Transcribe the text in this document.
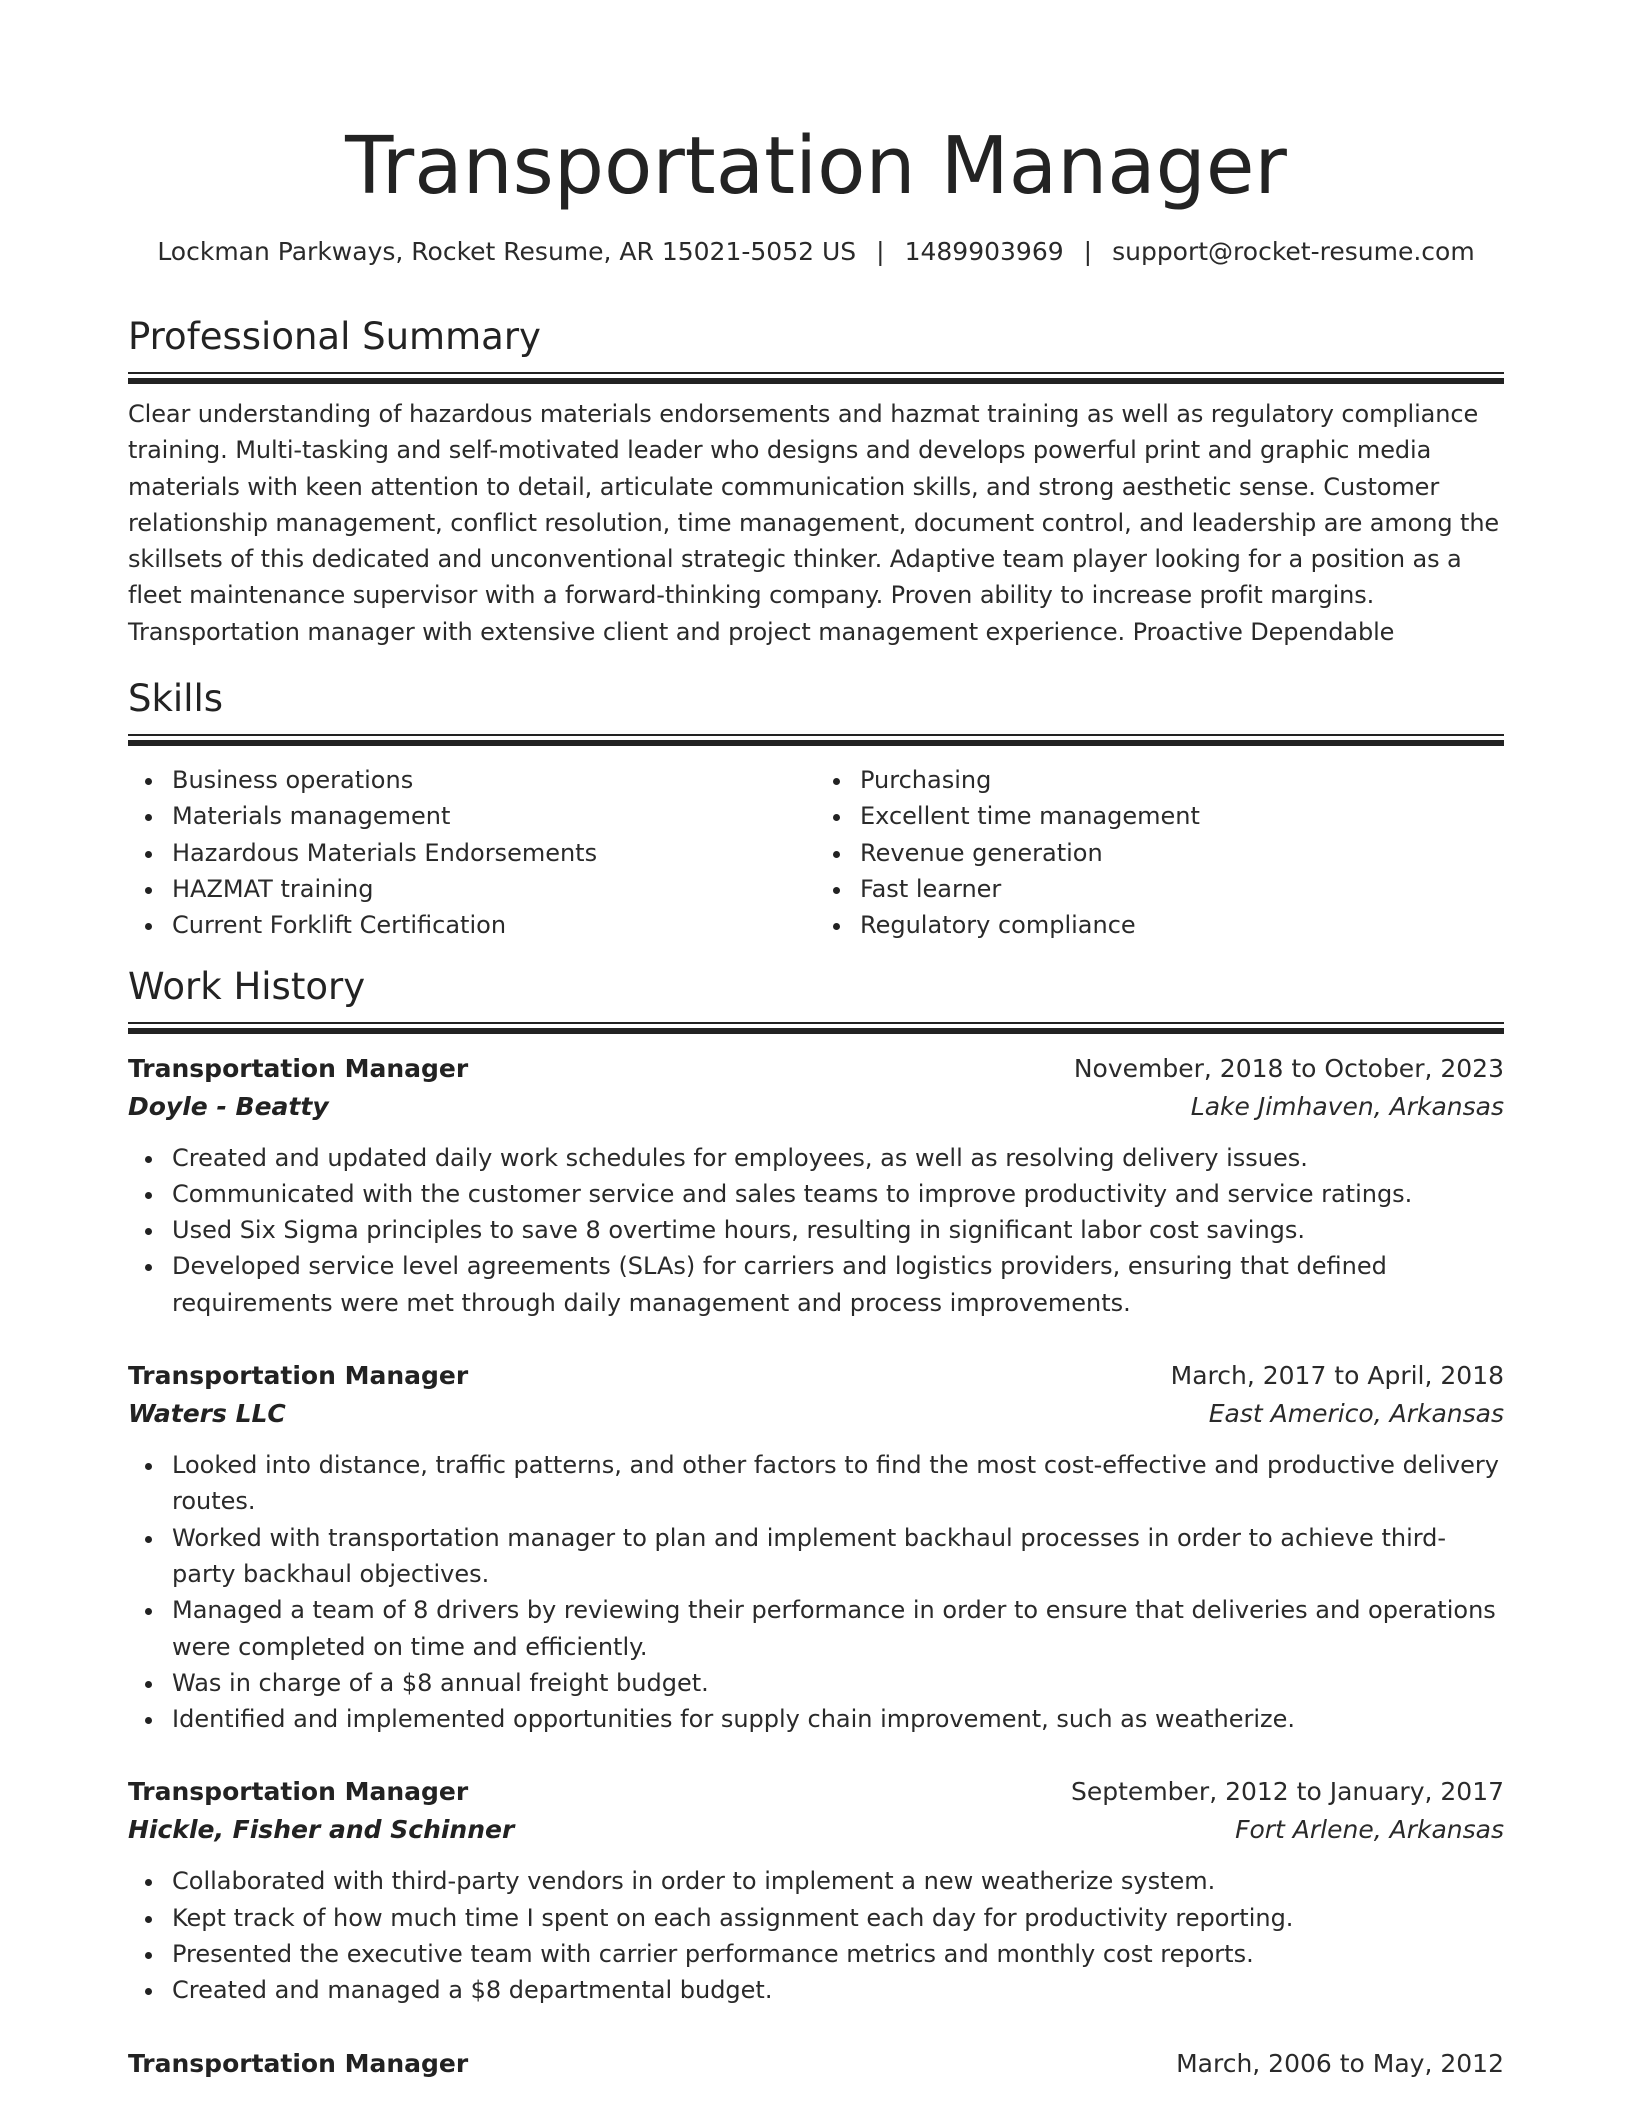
Transportation Manager
Lockman Parkways, Rocket Resume, AR 15021-5052 US | 1489903969 | support@rocket-resume.com
Professional Summary

Clear understanding of hazardous materials endorsements and hazmat training as well as regulatory compliance training. Multi-tasking and self-motivated leader who designs and develops powerful print and graphic media materials with keen attention to detail, articulate communication skills, and strong aesthetic sense. Customer relationship management, conflict resolution, time management, document control, and leadership are among the skillsets of this dedicated and unconventional strategic thinker. Adaptive team player looking for a position as a fleet maintenance supervisor with a forward-thinking company. Proven ability to increase profit margins. Transportation manager with extensive client and project management experience. Proactive Dependable

Skills
Business operations
Materials management
Hazardous Materials Endorsements
HAZMAT training
Current Forklift Certification
Purchasing
Excellent time management
Revenue generation
Fast learner
Regulatory compliance
Work History
Transportation Manager	November, 2018 to October, 2023
Doyle - Beatty	Lake Jimhaven, Arkansas
Created and updated daily work schedules for employees, as well as resolving delivery issues.
Communicated with the customer service and sales teams to improve productivity and service ratings.
Used Six Sigma principles to save 8 overtime hours, resulting in significant labor cost savings.
Developed service level agreements (SLAs) for carriers and logistics providers, ensuring that defined requirements were met through daily management and process improvements.
Transportation Manager	March, 2017 to April, 2018
Waters LLC	East Americo, Arkansas
Looked into distance, traffic patterns, and other factors to find the most cost-effective and productive delivery routes.
Worked with transportation manager to plan and implement backhaul processes in order to achieve third-party backhaul objectives.
Managed a team of 8 drivers by reviewing their performance in order to ensure that deliveries and operations were completed on time and efficiently.
Was in charge of a $8 annual freight budget.
Identified and implemented opportunities for supply chain improvement, such as weatherize.
Transportation Manager	September, 2012 to January, 2017
Hickle, Fisher and Schinner	Fort Arlene, Arkansas
Collaborated with third-party vendors in order to implement a new weatherize system.
Kept track of how much time I spent on each assignment each day for productivity reporting.
Presented the executive team with carrier performance metrics and monthly cost reports.
Created and managed a $8 departmental budget.
Transportation Manager	March, 2006 to May, 2012
